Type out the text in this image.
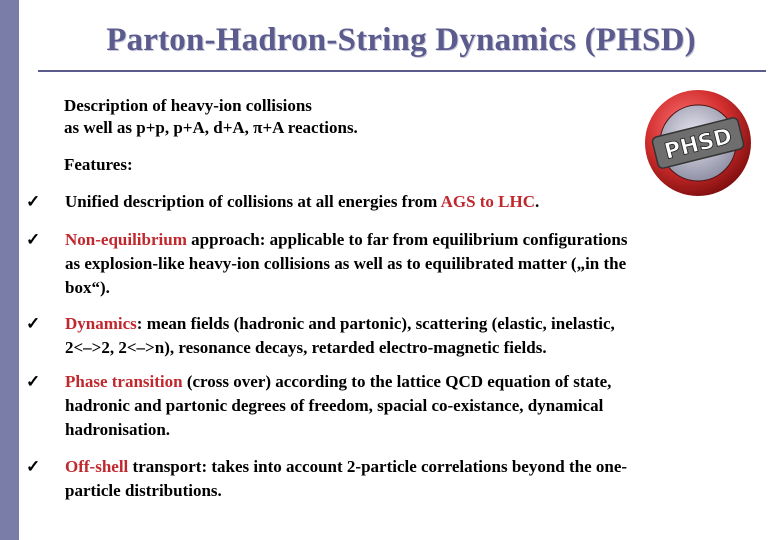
Parton-Hadron-String Dynamics (PHSD)
Description of heavy-ion collisions
as well as p+p, p+A, d+A, π+A reactions.
Features:	PHSD
✓	Unified description of collisions at all energies from AGS to LHC.
✓	Non-equilibrium approach: applicable to far from equilibrium configurations
as explosion-like heavy-ion collisions as well as to equilibrated matter („in the
box“).
✓	Dynamics: mean fields (hadronic and partonic), scattering (elastic, inelastic,
2<–>2, 2<–>n), resonance decays, retarded electro-magnetic fields.
✓	Phase transition (cross over) according to the lattice QCD equation of state,
hadronic and partonic degrees of freedom, spacial co-existance, dynamical
hadronisation.
✓	Off-shell transport: takes into account 2-particle correlations beyond the one-
particle distributions.
